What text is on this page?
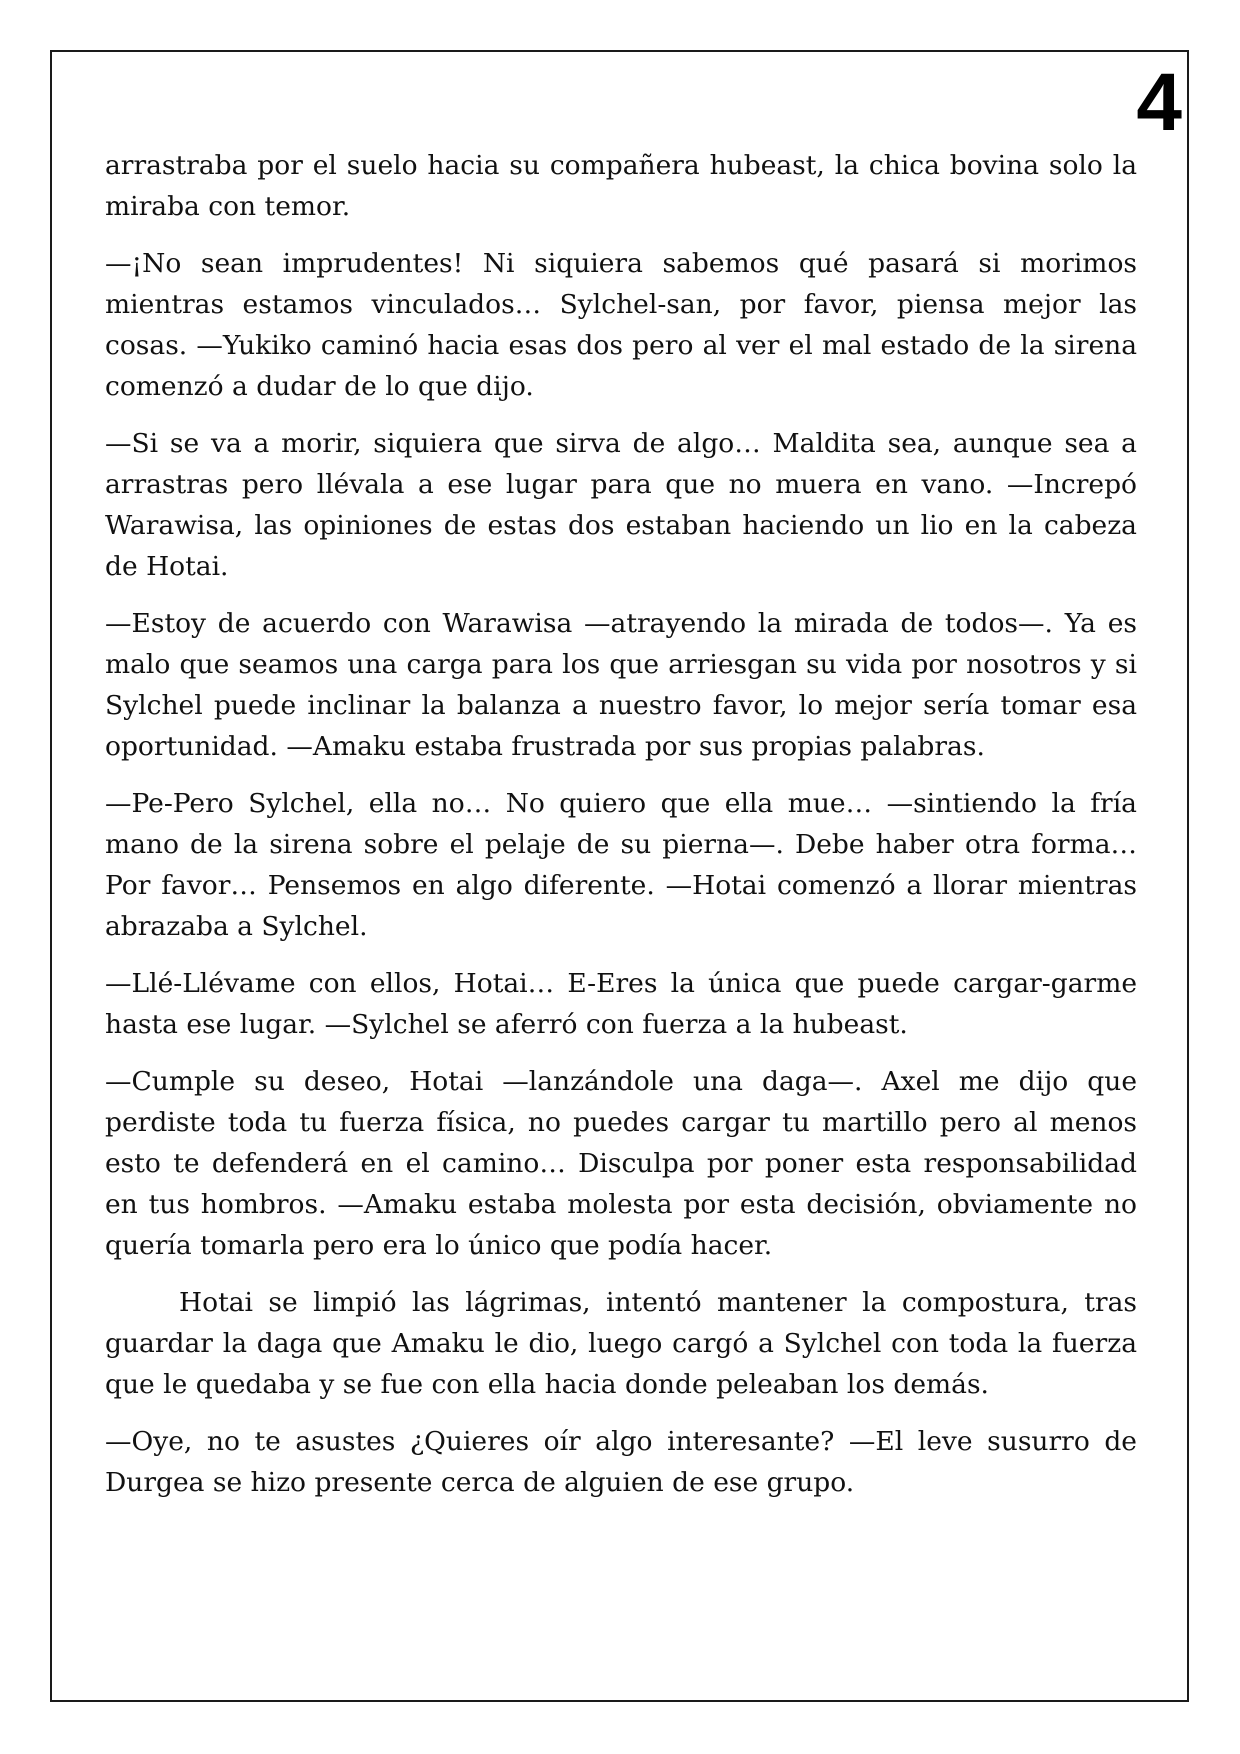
4

arrastraba por el suelo hacia su compañera hubeast, la chica bovina solo la miraba con temor.

—¡No sean imprudentes! Ni siquiera sabemos qué pasará si morimos mientras estamos vinculados… Sylchel-san, por favor, piensa mejor las cosas. —Yukiko caminó hacia esas dos pero al ver el mal estado de la sirena comenzó a dudar de lo que dijo.

—Si se va a morir, siquiera que sirva de algo… Maldita sea, aunque sea a arrastras pero llévala a ese lugar para que no muera en vano. —Increpó Warawisa, las opiniones de estas dos estaban haciendo un lio en la cabeza de Hotai.

—Estoy de acuerdo con Warawisa —atrayendo la mirada de todos—. Ya es malo que seamos una carga para los que arriesgan su vida por nosotros y si Sylchel puede inclinar la balanza a nuestro favor, lo mejor sería tomar esa oportunidad. —Amaku estaba frustrada por sus propias palabras.

—Pe-Pero Sylchel, ella no… No quiero que ella mue… —sintiendo la fría mano de la sirena sobre el pelaje de su pierna—. Debe haber otra forma… Por favor… Pensemos en algo diferente. —Hotai comenzó a llorar mientras abrazaba a Sylchel.

—Llé-Llévame con ellos, Hotai… E-Eres la única que puede cargar-garme hasta ese lugar. —Sylchel se aferró con fuerza a la hubeast.

—Cumple su deseo, Hotai —lanzándole una daga—. Axel me dijo que perdiste toda tu fuerza física, no puedes cargar tu martillo pero al menos esto te defenderá en el camino… Disculpa por poner esta responsabilidad en tus hombros. —Amaku estaba molesta por esta decisión, obviamente no quería tomarla pero era lo único que podía hacer.

Hotai se limpió las lágrimas, intentó mantener la compostura, tras guardar la daga que Amaku le dio, luego cargó a Sylchel con toda la fuerza que le quedaba y se fue con ella hacia donde peleaban los demás.

—Oye, no te asustes ¿Quieres oír algo interesante? —El leve susurro de Durgea se hizo presente cerca de alguien de ese grupo.
